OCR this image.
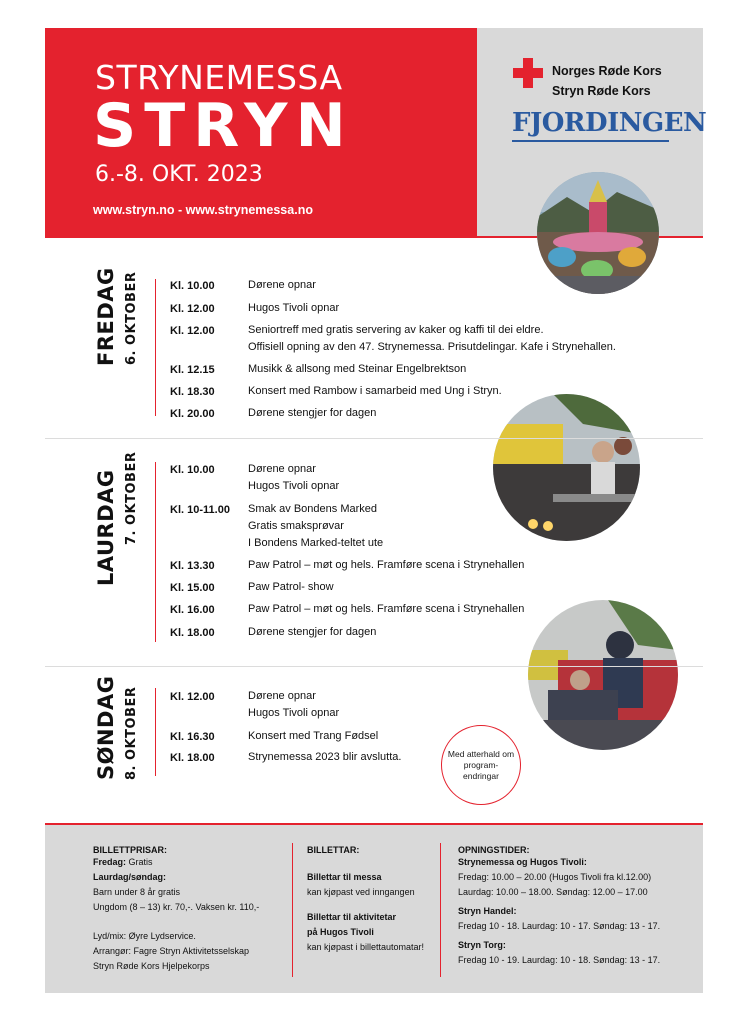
STRYNEMESSA
STRYN
6.-8. OKT. 2023
www.stryn.no - www.strynemessa.no
Norges Røde Kors
Stryn Røde Kors
FJORDINGEN
FREDAG 6. OKTOBER	Kl. 10.00	Dørene opnar
Kl. 12.00	Hugos Tivoli opnar
Kl. 12.00	Seniortreff med gratis servering av kaker og kaffi til dei eldre.
Offisiell opning av den 47. Strynemessa. Prisutdelingar. Kafe i Strynehallen.
Kl. 12.15	Musikk & allsong med Steinar Engelbrektson
Kl. 18.30	Konsert med Rambow i samarbeid med Ung i Stryn.
Kl. 20.00	Dørene stengjer for dagen
LAURDAG 7. OKTOBER	Kl. 10.00	Dørene opnar
Hugos Tivoli opnar
Kl. 10-11.00 Smak av Bondens Marked
Gratis smaksprøvar
I Bondens Marked-teltet ute
Kl. 13.30	Paw Patrol – møt og hels. Framføre scena i Strynehallen
Kl. 15.00	Paw Patrol- show
Kl. 16.00	Paw Patrol – møt og hels. Framføre scena i Strynehallen
Kl. 18.00	Dørene stengjer for dagen
SØNDAG 8. OKTOBER	Kl. 12.00	Dørene opnar
Hugos Tivoli opnar
Kl. 16.30	Konsert med Trang Fødsel
Kl. 18.00	Strynemessa 2023 blir avslutta.	Med atterhald om program-endringar
BILLETTPRISAR:
Fredag: Gratis
Laurdag/søndag:
Barn under 8 år gratis
Ungdom (8 – 13) kr. 70,-. Vaksen kr. 110,-
Lyd/mix: Øyre Lydservice.
Arrangør: Fagre Stryn Aktivitetsselskap
Stryn Røde Kors Hjelpekorps
BILLETTAR:
Billettar til messa
kan kjøpast ved inngangen
Billettar til aktivitetar
på Hugos Tivoli
kan kjøpast i billettautomatar!
OPNINGSTIDER:
Strynemessa og Hugos Tivoli:
Fredag: 10.00 – 20.00 (Hugos Tivoli fra kl.12.00)
Laurdag: 10.00 – 18.00. Søndag: 12.00 – 17.00
Stryn Handel:
Fredag 10 - 18. Laurdag: 10 - 17. Søndag: 13 - 17.
Stryn Torg:
Fredag 10 - 19. Laurdag: 10 - 18. Søndag: 13 - 17.
